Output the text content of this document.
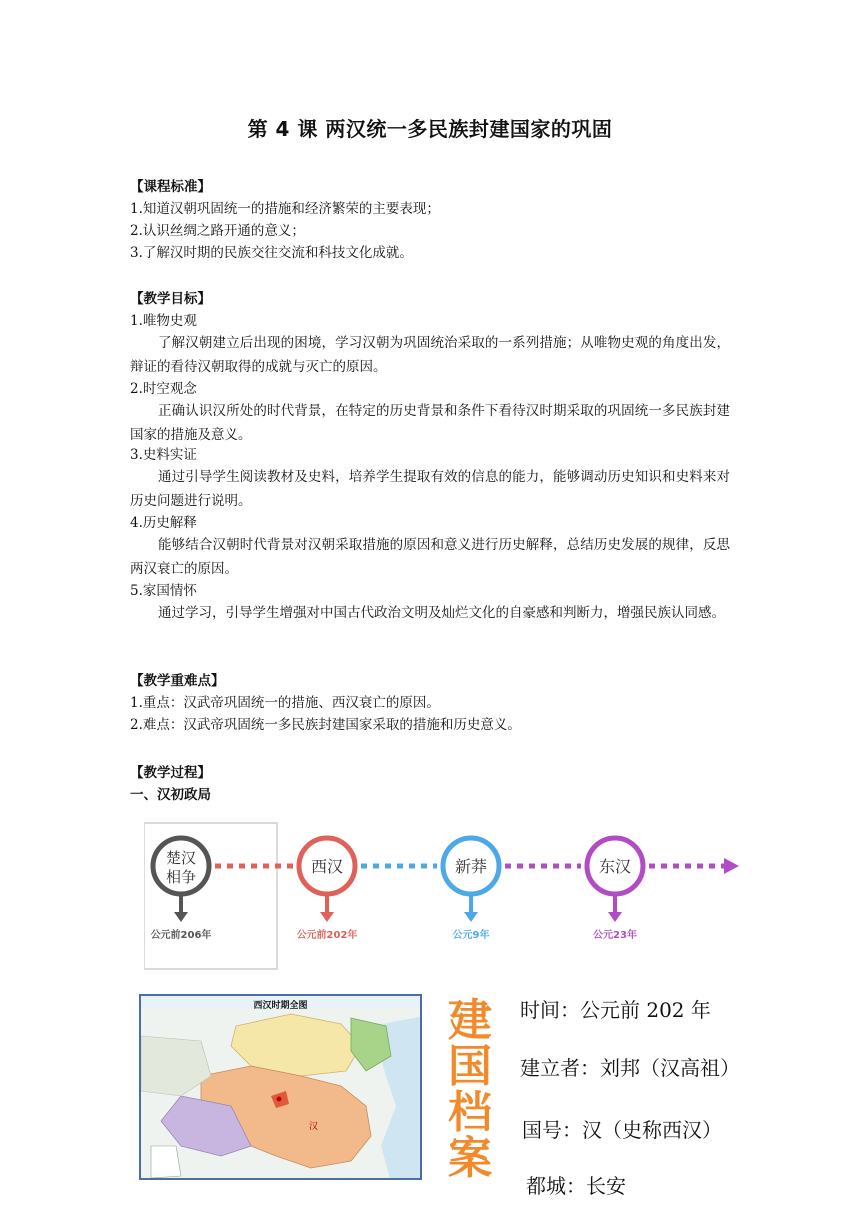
第 4 课 两汉统一多民族封建国家的巩固
【课程标准】
1.知道汉朝巩固统一的措施和经济繁荣的主要表现；
2.认识丝绸之路开通的意义；
3.了解汉时期的民族交往交流和科技文化成就。
【教学目标】
1.唯物史观
了解汉朝建立后出现的困境，学习汉朝为巩固统治采取的一系列措施；从唯物史观的角度出发，辩证的看待汉朝取得的成就与灭亡的原因。
2.时空观念
正确认识汉所处的时代背景，在特定的历史背景和条件下看待汉时期采取的巩固统一多民族封建国家的措施及意义。
3.史料实证
通过引导学生阅读教材及史料，培养学生提取有效的信息的能力，能够调动历史知识和史料来对历史问题进行说明。
4.历史解释
能够结合汉朝时代背景对汉朝采取措施的原因和意义进行历史解释，总结历史发展的规律，反思两汉衰亡的原因。
5.家国情怀
通过学习，引导学生增强对中国古代政治文明及灿烂文化的自豪感和判断力，增强民族认同感。
【教学重难点】
1.重点：汉武帝巩固统一的措施、西汉衰亡的原因。
2.难点：汉武帝巩固统一多民族封建国家采取的措施和历史意义。
【教学过程】
一、汉初政局
楚汉
相争
公元前206年
西汉
公元前202年
新莽
公元9年
东汉
公元23年
西汉时期全图
汉
建
国
档
案
时间：公元前 202 年
建立者：刘邦（汉高祖）
国号：汉（史称西汉）
都城：长安
